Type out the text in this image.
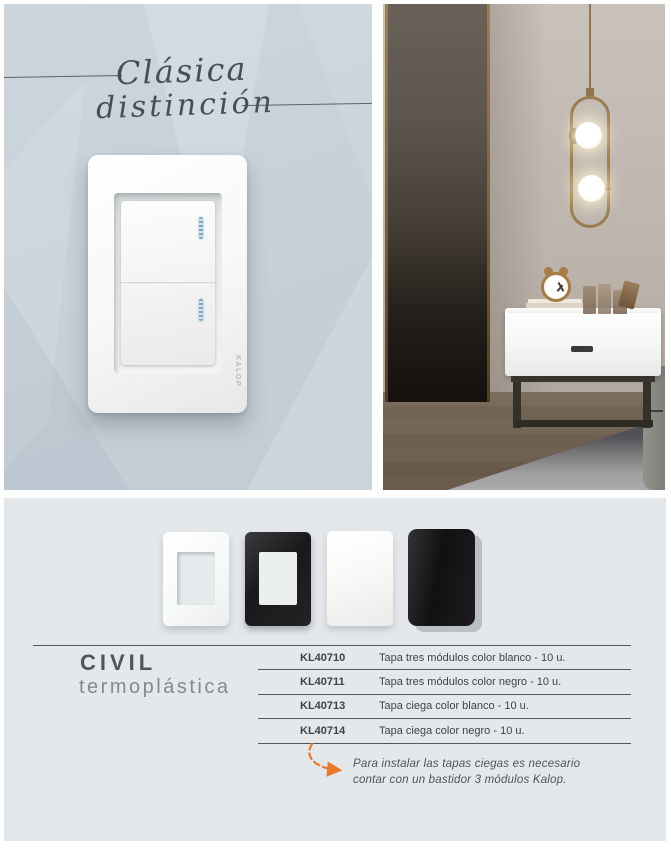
Clásica
distinción
KALOP
CIVIL
termoplástica
KL40710	Tapa tres módulos color blanco - 10 u.
KL40711	Tapa tres módulos color negro - 10 u.
KL40713	Tapa ciega color blanco - 10 u.
KL40714	Tapa ciega color negro - 10 u.
Para instalar las tapas ciegas es necesario
contar con un bastidor 3 módulos Kalop.
